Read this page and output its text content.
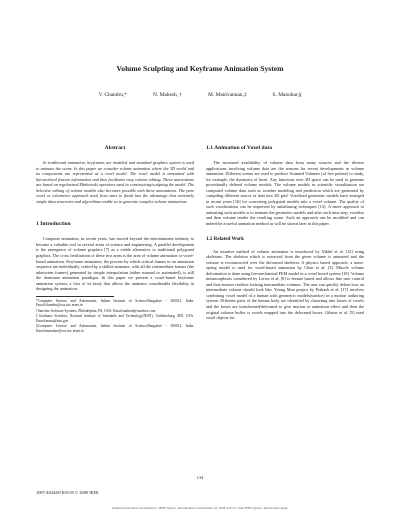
Volume Sculpting and Keyframe Animation System
V. Chandru,*	N. Mahesh, †	M. Manivannan,‡	S. Manohar,§
Abstract

In traditional animation, keyframes are modeled and standard graphics system is used to animate the scene. In this paper we consider volume animation where the 3D world and its components are represented as a voxel model. The voxel model is annotated with hierarchical feature information and thus facilitates easy volume editing. These annotations are based on regularized Minkowski operators used in constructing/sculpting the model. The Selective editing of volume models also becomes possible with these annotations. The pure voxel or volumetric approach used from start to finish has the advantage that extremely simple data structures and algorithms enable us to generate complex volume animations.

1 Introduction

Computer animation, in recent years, has moved beyond the entertainment industry to become a valuable tool in several areas of science and engineering. A parallel development is the emergence of volume graphics [7] as a viable alternative to traditional polygonal graphics. The cross fertilization of these two areas is the area of volume animation or voxel-based animation. Keyframe animation, the process by which critical frames in an animation sequence are individually crafted by a skilled animator, with all the intermediate frames (the inbetween frames) generated by simple interpolation (either manual or automated), is still the dominant animation paradigm. In this paper we present a voxel-based keyframe animation system, a first of its kind, that allows the animator considerable flexibility in designing the animation.

*Computer Science and Automation, Indian Institute of Science,Bangalore - 560012, India. Email:chandru@csa.iisc.ernet.in

†Sanchez Software Systems, Philadelphia, PA, USA. Email:mahesh@sanchez.com

‡Guidance Scientist, National Institute of Standards and Technology(NIST), Gaithersburg, MD, USA. Email:manu@nist.gov

§Computer Science and Automation, Indian Institute of Science,Bangalore - 560012, India. Email:manohar@csa.iisc.ernet.in

1.1 Animation of Voxel data

The increased availability of volume data from many sources and the diverse applications involving volume data are the reasons for recent developments in volume animation. Different scenes are used to produce Scanned Volumes (of live patient) to study, for example, the dynamics of heart. Any functions over 3D space can be used to generate procedurally defined volume models. The volume models in scientific visualization are computed volume data such as weather modeling and prediction which are generated by compiling different source of data into 3D grid. Voxelized geometric models have emerged in recent years [16] for converting polygonal models into a voxel volume. The quality of such voxelizations can be improved by antialiasing techniques [13]. A naive approach to animating such models is to animate the geometric models and after each time step, voxelize and then volume render the resulting scene. Such an approach can be modified and can indeed be a useful animation method as will be shown later in this paper.

1.2 Related Work

An intuitive method of volume animation is introduced by Nikhil et al. [12] using skeletons. The skeleton which is extracted from the given volume is animated and the volume is reconstructed over the deformed skeleton. A physics based approach, a mass-spring model is used for voxel-based animation by Chen et al. [3]. Muscle volume deformation is done using bio-mechanical FEM model in a voxel based system [18]. Volume metamorphosis considered by Lerios et al. [8] is feature based and allows fine user control and thus ensures realistic looking intermediate volumes. The user can quickly define how an intermediate volume should look like. Young Mun project by Prakash et al. [17] involves combining voxel model of a human with geometric models(surface) in a motion authoring system. Different parts of the human body are identified by clustering into boxes of voxels and the boxes are transformed/deformed to give motion or animation effect and then the original volume buffer is voxels mapped into the deformed boxes. Gibson et al. [5] used voxel objects for

134
1087-4844/00 $10.00 © 2000 IEEE
Authorized licensed use limited to: IEEE Xplore. Downloaded on December 19, 2008 at 03:17 from IEEE Xplore. Restrictions apply.
